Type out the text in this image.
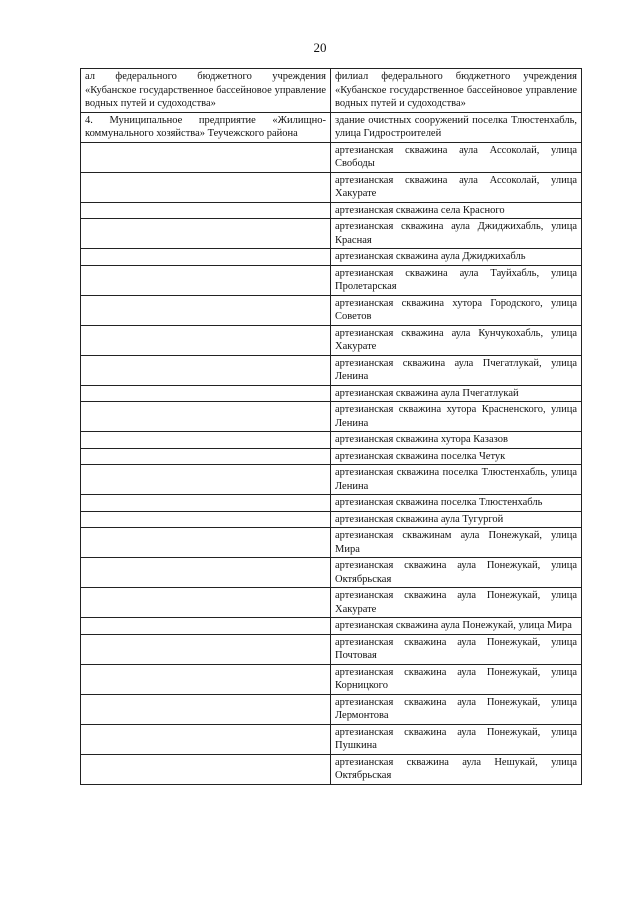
20
ал федерального бюджетного учреждения «Кубанское государственное бассейновое управление водных путей и судоходства»	филиал федерального бюджетного учреждения «Кубанское государственное бассейновое управление водных путей и судоходства»
4. Муниципальное предприятие «Жилищно-коммунального хозяйства» Теучежского района	здание очистных сооружений поселка Тлюстенхабль, улица Гидростроителей
	артезианская скважина аула Ассоколай, улица Свободы
	артезианская скважина аула Ассоколай, улица Хакурате
	артезианская скважина села Красного
	артезианская скважина аула Джиджихабль, улица Красная
	артезианская скважина аула Джиджихабль
	артезианская скважина аула Тауйхабль, улица Пролетарская
	артезианская скважина хутора Городского, улица Советов
	артезианская скважина аула Кунчукохабль, улица Хакурате
	артезианская скважина аула Пчегатлукай, улица Ленина
	артезианская скважина аула Пчегатлукай
	артезианская скважина хутора Красненского, улица Ленина
	артезианская скважина хутора Казазов
	артезианская скважина поселка Четук
	артезианская скважина поселка Тлюстенхабль, улица Ленина
	артезианская скважина поселка Тлюстенхабль
	артезианская скважина аула Тугургой
	артезианская скважинам аула Понежукай, улица Мира
	артезианская скважина аула Понежукай, улица Октябрьская
	артезианская скважина аула Понежукай, улица Хакурате
	артезианская скважина аула Понежукай, улица Мира
	артезианская скважина аула Понежукай, улица Почтовая
	артезианская скважина аула Понежукай, улица Корницкого
	артезианская скважина аула Понежукай, улица Лермонтова
	артезианская скважина аула Понежукай, улица Пушкина
	артезианская скважина аула Нешукай, улица Октябрьская
